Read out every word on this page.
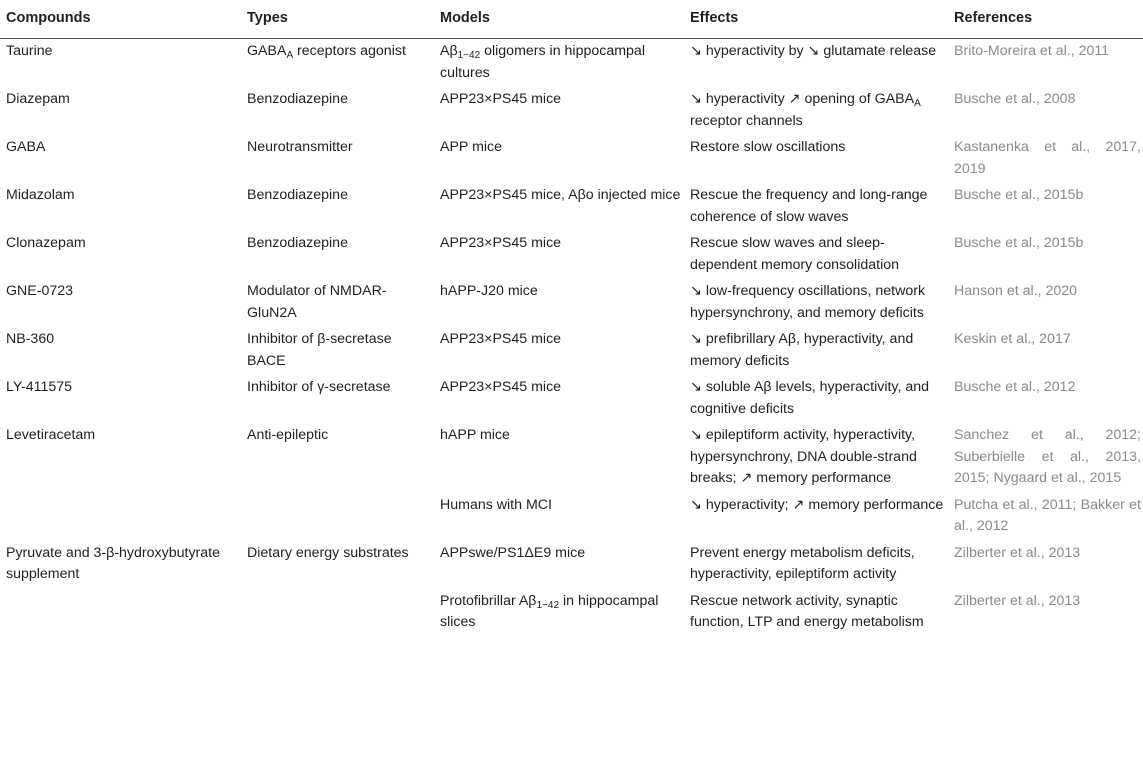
Compounds	Types	Models	Effects	References
Taurine	$GABA_A$ receptors agonist	$A\beta_{1-42}$ oligomers in hippocampal cultures	↘ hyperactivity by ↘ glutamate release	Brito-Moreira et al., 2011
Diazepam	Benzodiazepine	APP23×PS45 mice	↘ hyperactivity ↗ opening of $GABA_A$ receptor channels	Busche et al., 2008
GABA	Neurotransmitter	APP mice	Restore slow oscillations	Kastanenka et al., 2017, 2019
Midazolam	Benzodiazepine	APP23×PS45 mice, Aβo injected mice	Rescue the frequency and long-range coherence of slow waves	Busche et al., 2015b
Clonazepam	Benzodiazepine	APP23×PS45 mice	Rescue slow waves and sleep-dependent memory consolidation	Busche et al., 2015b
GNE-0723	Modulator of NMDAR-GluN2A	hAPP-J20 mice	↘ low-frequency oscillations, network hypersynchrony, and memory deficits	Hanson et al., 2020
NB-360	Inhibitor of β-secretase BACE	APP23×PS45 mice	↘ prefibrillary Aβ, hyperactivity, and memory deficits	Keskin et al., 2017
LY-411575	Inhibitor of γ-secretase	APP23×PS45 mice	↘ soluble Aβ levels, hyperactivity, and cognitive deficits	Busche et al., 2012
Levetiracetam	Anti-epileptic	hAPP mice	↘ epileptiform activity, hyperactivity, hypersynchrony, DNA double-strand breaks; ↗ memory performance	Sanchez et al., 2012; Suberbielle et al., 2013, 2015; Nygaard et al., 2015
		Humans with MCI	↘ hyperactivity; ↗ memory performance	Putcha et al., 2011; Bakker et al., 2012
Pyruvate and 3-β-hydroxybutyrate supplement	Dietary energy substrates	APPswe/PS1ΔE9 mice	Prevent energy metabolism deficits, hyperactivity, epileptiform activity	Zilberter et al., 2013
		Protofibrillar $A\beta_{1-42}$ in hippocampal slices	Rescue network activity, synaptic function, LTP and energy metabolism	Zilberter et al., 2013
